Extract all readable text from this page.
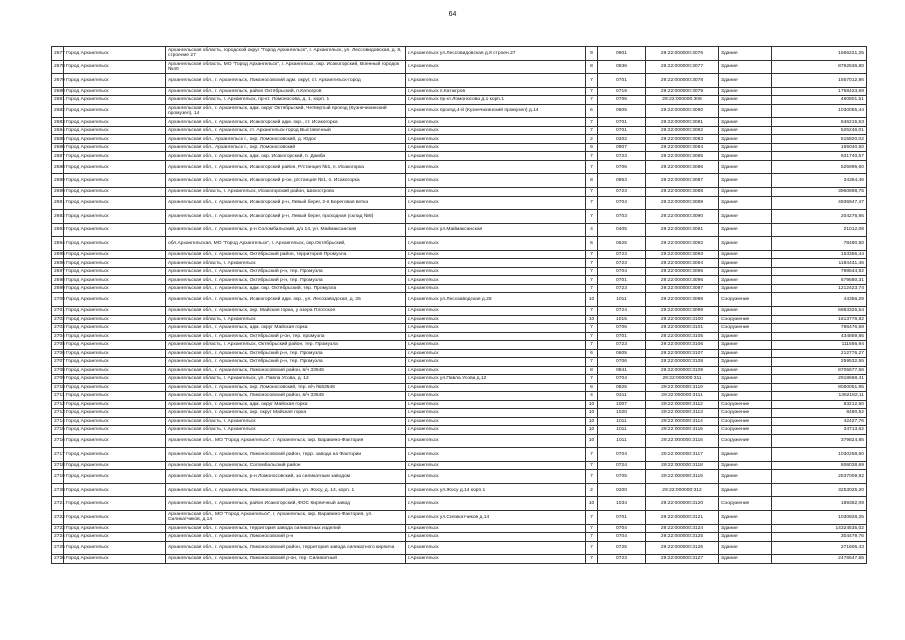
64
2677	Город Архангельск	Архангельская область, городской округ "Город Архангельск", г. Архангельск, ул. Лессовидовская, д. 8, строение 27	г.Архангельск ул.Лессовидовская д.8 строен.27	9	0901	29:22:000000:3076	Здание	1666221,25
2678	Город Архангельск	Архангельская область, МО "Город Архангельск", г. Архангельск, окр. Исакогорский, Военный городок №40	г.Архангельск	8	0836	29:22:000000:3077	Здание	8792536,80
2679	Город Архангельск	Архангельская обл., г. Архангельск, Ломоносовский адм. округ, ст. Архангельск-город	г.Архангельск	7	0701	29:22:000000:3078	Здание	1557012,86
2680	Город Архангельск	Архангельская обл., г. Архангельск, район Октябрьский, п.Катюгров	г.Архангельск п.Катюгров	7	0719	29:22:000000:3079	Здание	1768423,69
2681	Город Архангельск	Архангельская область, г. Архангельск, пр-кт. Ломоносова, д. 1, корп. 1	г.Архангельск пр-кт.Ломоносова д.1 корп.1	7	0706	29:22:000000:308	Здание	460801,51
2682	Город Архангельск	Архангельская обл., г. Архангельск, адм. округ Октябрьский, Четвертый проезд (Кузнечихинский промузел), 14	г.Архангельск проезд.4-й (Кузнечихинский промузел) д.14	6	0605	29:22:000000:3080	Здание	1030055,44
2683	Город Архангельск	Архангельская обл., г. Архангельск, Исакогорский адм. окр., ст. Исакогорка	г.Архангельск	7	0701	29:22:000000:3081	Здание	846215,53
2684	Город Архангельск	Архангельская обл., г. Архангельск, ст. Архангельск-город Выставочный	г.Архангельск	7	0701	29:22:000000:3082	Здание	525246,01
2685	Город Архангельск	Архангельская обл., Архангельск г., окр. Ломоносовский, д. Юдос	г.Архангельск	2	0202	29:22:000000:3083	Здание	515820,02
2686	Город Архангельск	Архангельская обл., Архангельск г., окр. Ломоносовский	г.Архангельск	9	0907	29:22:000000:3084	Здание	165040,50
2687	Город Архангельск	Архангельская обл., г. Архангельск, адм. окр. Исакогорский, п. Дамба	г.Архангельск	7	0723	29:22:000000:3085	Здание	631740,57
2688	Город Архангельск	Архангельская обл., г. Архангельск, Исакогорский район, Р/станция №1, п. Исакогорка	г.Архангельск	7	0706	29:22:000000:3086	Здание	525995,60
2689	Город Архангельск	Архангельская обл., г. Архангельск, Исакогорский р-он, р/станция №1, п. Исакогорка	г.Архангельск	8	0853	29:22:000000:3087	Здание	34364,46
2690	Город Архангельск	Архангельская область, г. Архангельск, Исакогорский район, Шихостровo	г.Архангельск	7	0723	29:22:000000:3088	Здание	3960898,75
2691	Город Архангельск	Архангельская обл., г. Архангельск, Исакогорский р-н, Левый берег, 2-я Береговая ветка	г.Архангельск	7	0704	29:22:000000:3089	Здание	4936947,47
2692	Город Архангельск	Архангельская обл., г. Архангельск, Исакогорский р-н, Левый берег, проходная (склад №8)	г.Архангельск	7	0703	29:22:000000:3090	Здание	204276,95
2693	Город Архангельск	Архангельская обл., г. Архангельск, р-н Соломбальский, д/з 14, ул. Маймаксанская	г.Архангельск ул.Маймаксанская	4	0405	29:22:000000:3091	Здание	21012,08
2694	Город Архангельск	обл.Архангельская, МО "Город Архангельск", г. Архангельск, окр.Октябрьский,	г.Архангельск	6	0625	29:22:000000:3092	Здание	78480,50
2695	Город Архангельск	Архангельская обл., г. Архангельск, Октябрьский район, территория Промузла	г.Архангельск	7	0723	29:22:000000:3093	Здание	153356,44
2696	Город Архангельск	Архангельская область, г. Архангельск	г.Архангельск	7	0723	29:22:000000:3094	Здание	1184431,46
2697	Город Архангельск	Архангельская обл., г. Архангельск, Октябрьский р-н, тер. Промузла	г.Архангельск	7	0704	29:22:000000:3095	Здание	798544,92
2698	Город Архангельск	Архангельская обл., г. Архангельск, Октябрьский р-н, тер. Промузла	г.Архангельск	7	0701	29:22:000000:3096	Здание	679580,31
2699	Город Архангельск	Архангельская обл., г. Архангельск, адм. окр. Октябрьский, тер. Промузла	г.Архангельск	7	0723	29:22:000000:3097	Здание	1212423,74
2700	Город Архангельск	Архангельская обл., г. Архангельск, Исакогорский адм. окр., ул. Лесозаводская, д. 25	г.Архангельск ул.Лесозаводская д.25	10	1011	29:22:000000:3098	Сооружение	44356,29
2701	Город Архангельск	Архангельская обл., г. Архангельск, окр. Майская горка, у озера Плотское	г.Архангельск	7	0724	29:22:000000:3099	Здание	6983326,54
2702	Город Архангельск	Архангельская область, г. Архангельск	г.Архангельск	10	1015	29:22:000000:3100	Сооружение	1613776,82
2703	Город Архангельск	Архангельская обл., г. Архангельск, адм. округ Майская горка	г.Архангельск	7	0706	29:22:000000:3101	Сооружение	786476,59
2704	Город Архангельск	Архангельская обл., г. Архангельск, Октябрьский р-он, тер. промузла	г.Архангельск	7	0701	29:22:000000:3105	Здание	434859,85
2705	Город Архангельск	Архангельская область, г. Архангельск, Октябрьский район, тер. Промузла	г.Архангельск	7	0723	29:22:000000:3106	Здание	111556,94
2706	Город Архангельск	Архангельская обл., г. Архангельск, Октябрьский р-н, тер. Промузла	г.Архангельск	6	0605	29:22:000000:3107	Здание	212776,27
2707	Город Архангельск	Архангельская обл., г. Архангельск, Октябрьский р-н, тер. Промузла	г.Архангельск	7	0706	29:22:000000:3108	Здание	259532,55
2708	Город Архангельск	Архангельская обл., г. Архангельск, Ломоносовский район, в/ч 33545	г.Архангельск	8	0841	29:22:000000:3109	Здание	8705677,56
2709	Город Архангельск	Архангельская область, г. Архангельск, ул. Павла Усова, д. 12	г.Архангельск ул.Павла Усова д.12	7	0704	29:22:000000:311	Здание	2918668,41
2710	Город Архангельск	Архангельская обл., г. Архангельск, окр. Ломоносовский, тер. в/ч №63546	г.Архангельск	8	0825	29:22:000000:3110	Здание	8050051,95
2711	Город Архангельск	Архангельская обл., г. Архангельск, Ломоносовский район, в/ч 33545	г.Архангельск	4	0411	29:22:000000:3111	Здание	1362182,11
2712	Город Архангельск	Архангельская обл., г. Архангельск, адм. округ Майская горка	г.Архангельск	10	1007	29:22:000000:3112	Сооружение	83212,50
2713	Город Архангельск	Архангельская обл., г. Архангельск, окр. округ Майская горка	г.Архангельск	10	1020	29:22:000000:3113	Сооружение	8480,52
2714	Город Архангельск	Архангельская область, г. Архангельск	г.Архангельск	10	1011	29:22:000000:3114	Сооружение	42427,76
2715	Город Архангельск	Архангельская область, г. Архангельск	г.Архангельск	10	1011	29:22:000000:3115	Сооружение	34713,62
2716	Город Архангельск	Архангельская обл., МО "Город Архангельск", г. Архангельск, окр. Варавино-Фактория	г.Архангельск	10	1011	29:22:000000:3116	Сооружение	379824,85
2717	Город Архангельск	Архангельская обл., г. Архангельск, Ломоносовский район, терр. завода на Фактории	г.Архангельск	7	0704	29:22:000000:3117	Здание	1030258,60
2718	Город Архангельск	Архангельская обл., г. Архангельск, Соломбальский район	г.Архангельск	7	0724	29:22:000000:3118	Здание	606038,69
2719	Город Архангельск	Архангельская обл., г. Архангельск, р-н Ломоносовский, за силикатным заводом	г.Архангельск	7	0705	29:22:000000:3119	Здание	2537009,92
2720	Город Архангельск	Архангельская обл., г. Архангельск, Ломоносовский район, ул. Жосу, д. 14, корп. 1	г.Архангельск ул.Жосу д.14 корп.1	2	0200	29:22:000000:312	Здание	3253025,20
2721	Город Архангельск	Архангельская обл., г. Архангельск, район Исакогорский, ФОС Кирпичный завод	г.Архангельск	10	1034	29:22:000000:3120	Сооружение	189352,09
2722	Город Архангельск	Архангельская обл., МО "Город Архангельск", г. Архангельск, окр. Варавино-Фактория, ул. Силикатчиков, д.14	г.Архангельск ул.Силикатчиков д.14	7	0701	29:22:000000:3121	Здание	1030828,25
2723	Город Архангельск	Архангельская обл., г. Архангельск, территория завода силикатных изделий	г.Архангельск	7	0704	29:22:000000:3124	Здание	14324535,02
2724	Город Архангельск	Архангельская обл., г. Архангельск, Ломоносовский р-н	г.Архангельск	7	0704	29:22:000000:3125	Здание	304479,76
2725	Город Архангельск	Архангельская обл., г. Архангельск, Ломоносовский район, территория завода силикатного кирпича	г.Архангельск	7	0725	29:22:000000:3126	Здание	271606,43
2726	Город Архангельск	Архангельская обл., г. Архангельск, Ломоносовский р-он, тер. Силикатный	г.Архангельск	7	0723	29:22:000000:3127	Здание	2476547,55
